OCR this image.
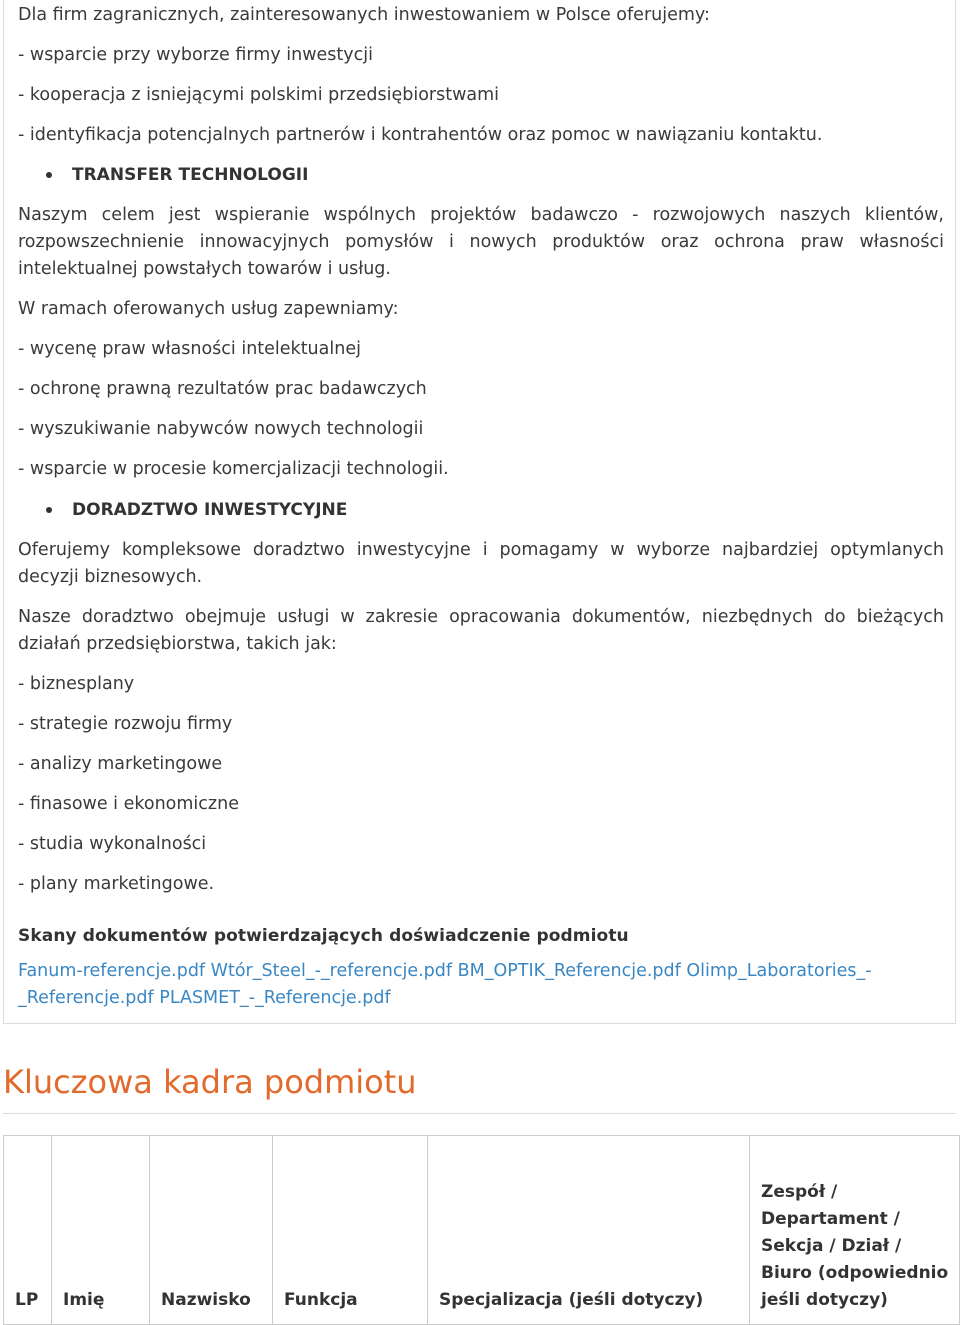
Dla firm zagranicznych, zainteresowanych inwestowaniem w Polsce oferujemy:

- wsparcie przy wyborze firmy inwestycji

- kooperacja z isniejącymi polskimi przedsiębiorstwami

- identyfikacja potencjalnych partnerów i kontrahentów oraz pomoc w nawiązaniu kontaktu.

TRANSFER TECHNOLOGII

Naszym celem jest wspieranie wspólnych projektów badawczo - rozwojowych naszych klientów, rozpowszechnienie innowacyjnych pomysłów i nowych produktów oraz ochrona praw własności intelektualnej powstałych towarów i usług.

W ramach oferowanych usług zapewniamy:

- wycenę praw własności intelektualnej

- ochronę prawną rezultatów prac badawczych

- wyszukiwanie nabywców nowych technologii

- wsparcie w procesie komercjalizacji technologii.

DORADZTWO INWESTYCYJNE

Oferujemy kompleksowe doradztwo inwestycyjne i pomagamy w wyborze najbardziej optymlanych decyzji biznesowych.

Nasze doradztwo obejmuje usługi w zakresie opracowania dokumentów, niezbędnych do bieżących działań przedsiębiorstwa, takich jak:

- biznesplany

- strategie rozwoju firmy

- analizy marketingowe

- finasowe i ekonomiczne

- studia wykonalności

- plany marketingowe.

Skany dokumentów potwierdzających doświadczenie podmiotu
Fanum-referencje.pdf Wtór_Steel_-_referencje.pdf BM_OPTIK_Referencje.pdf Olimp_Laboratories_-_Referencje.pdf PLASMET_-_Referencje.pdf
Kluczowa kadra podmiotu
LP	Imię	Nazwisko	Funkcja	Specjalizacja (jeśli dotyczy)	Zespół / Departament / Sekcja / Dział / Biuro (odpowiednio jeśli dotyczy)
